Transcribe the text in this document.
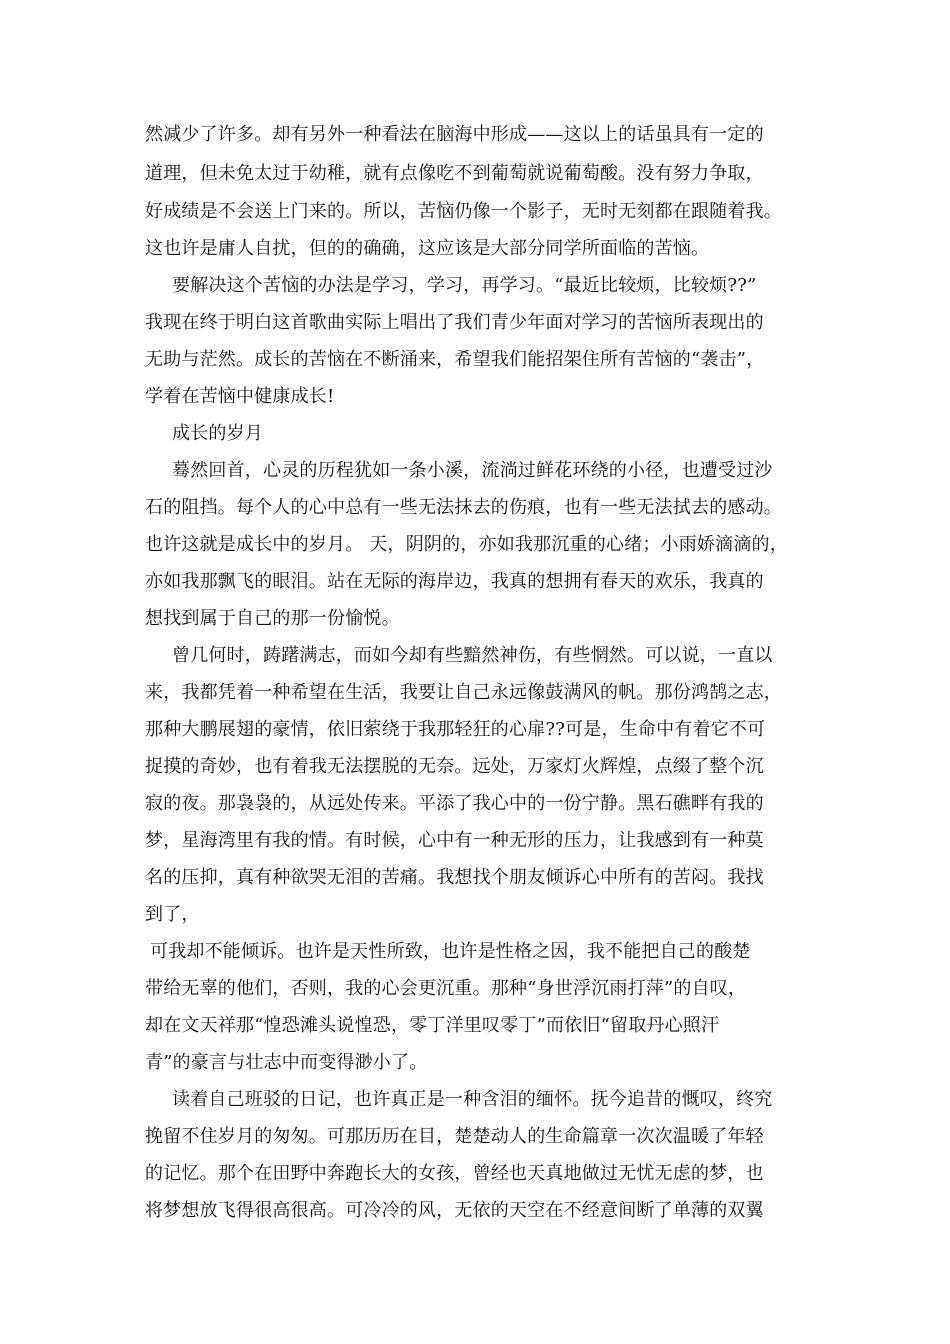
然减少了许多。却有另外一种看法在脑海中形成——这以上的话虽具有一定的
道理，但未免太过于幼稚，就有点像吃不到葡萄就说葡萄酸。没有努力争取，
好成绩是不会送上门来的。所以，苦恼仍像一个影子，无时无刻都在跟随着我。
这也许是庸人自扰，但的的确确，这应该是大部分同学所面临的苦恼。
要解决这个苦恼的办法是学习，学习，再学习。“最近比较烦，比较烦??”
我现在终于明白这首歌曲实际上唱出了我们青少年面对学习的苦恼所表现出的
无助与茫然。成长的苦恼在不断涌来，希望我们能招架住所有苦恼的“袭击”，
学着在苦恼中健康成长!
成长的岁月
蓦然回首，心灵的历程犹如一条小溪，流淌过鲜花环绕的小径，也遭受过沙
石的阻挡。每个人的心中总有一些无法抹去的伤痕，也有一些无法拭去的感动。
也许这就是成长中的岁月。 天，阴阴的，亦如我那沉重的心绪；小雨娇滴滴的，
亦如我那飘飞的眼泪。站在无际的海岸边，我真的想拥有春天的欢乐，我真的
想找到属于自己的那一份愉悦。
曾几何时，踌躇满志，而如今却有些黯然神伤，有些惘然。可以说，一直以
来，我都凭着一种希望在生活，我要让自己永远像鼓满风的帆。那份鸿鹄之志，
那种大鹏展翅的豪情，依旧萦绕于我那轻狂的心扉??可是，生命中有着它不可
捉摸的奇妙，也有着我无法摆脱的无奈。远处，万家灯火辉煌，点缀了整个沉
寂的夜。那袅袅的，从远处传来。平添了我心中的一份宁静。黑石礁畔有我的
梦，星海湾里有我的情。有时候，心中有一种无形的压力，让我感到有一种莫
名的压抑，真有种欲哭无泪的苦痛。我想找个朋友倾诉心中所有的苦闷。我找
到了，
可我却不能倾诉。也许是天性所致，也许是性格之因，我不能把自己的酸楚
带给无辜的他们，否则，我的心会更沉重。那种“身世浮沉雨打萍”的自叹，
却在文天祥那“惶恐滩头说惶恐，零丁洋里叹零丁”而依旧“留取丹心照汗
青”的豪言与壮志中而变得渺小了。
读着自己班驳的日记，也许真正是一种含泪的缅怀。抚今追昔的慨叹，终究
挽留不住岁月的匆匆。可那历历在目，楚楚动人的生命篇章一次次温暖了年轻
的记忆。那个在田野中奔跑长大的女孩，曾经也天真地做过无忧无虑的梦，也
将梦想放飞得很高很高。可冷冷的风，无依的天空在不经意间断了单薄的双翼
